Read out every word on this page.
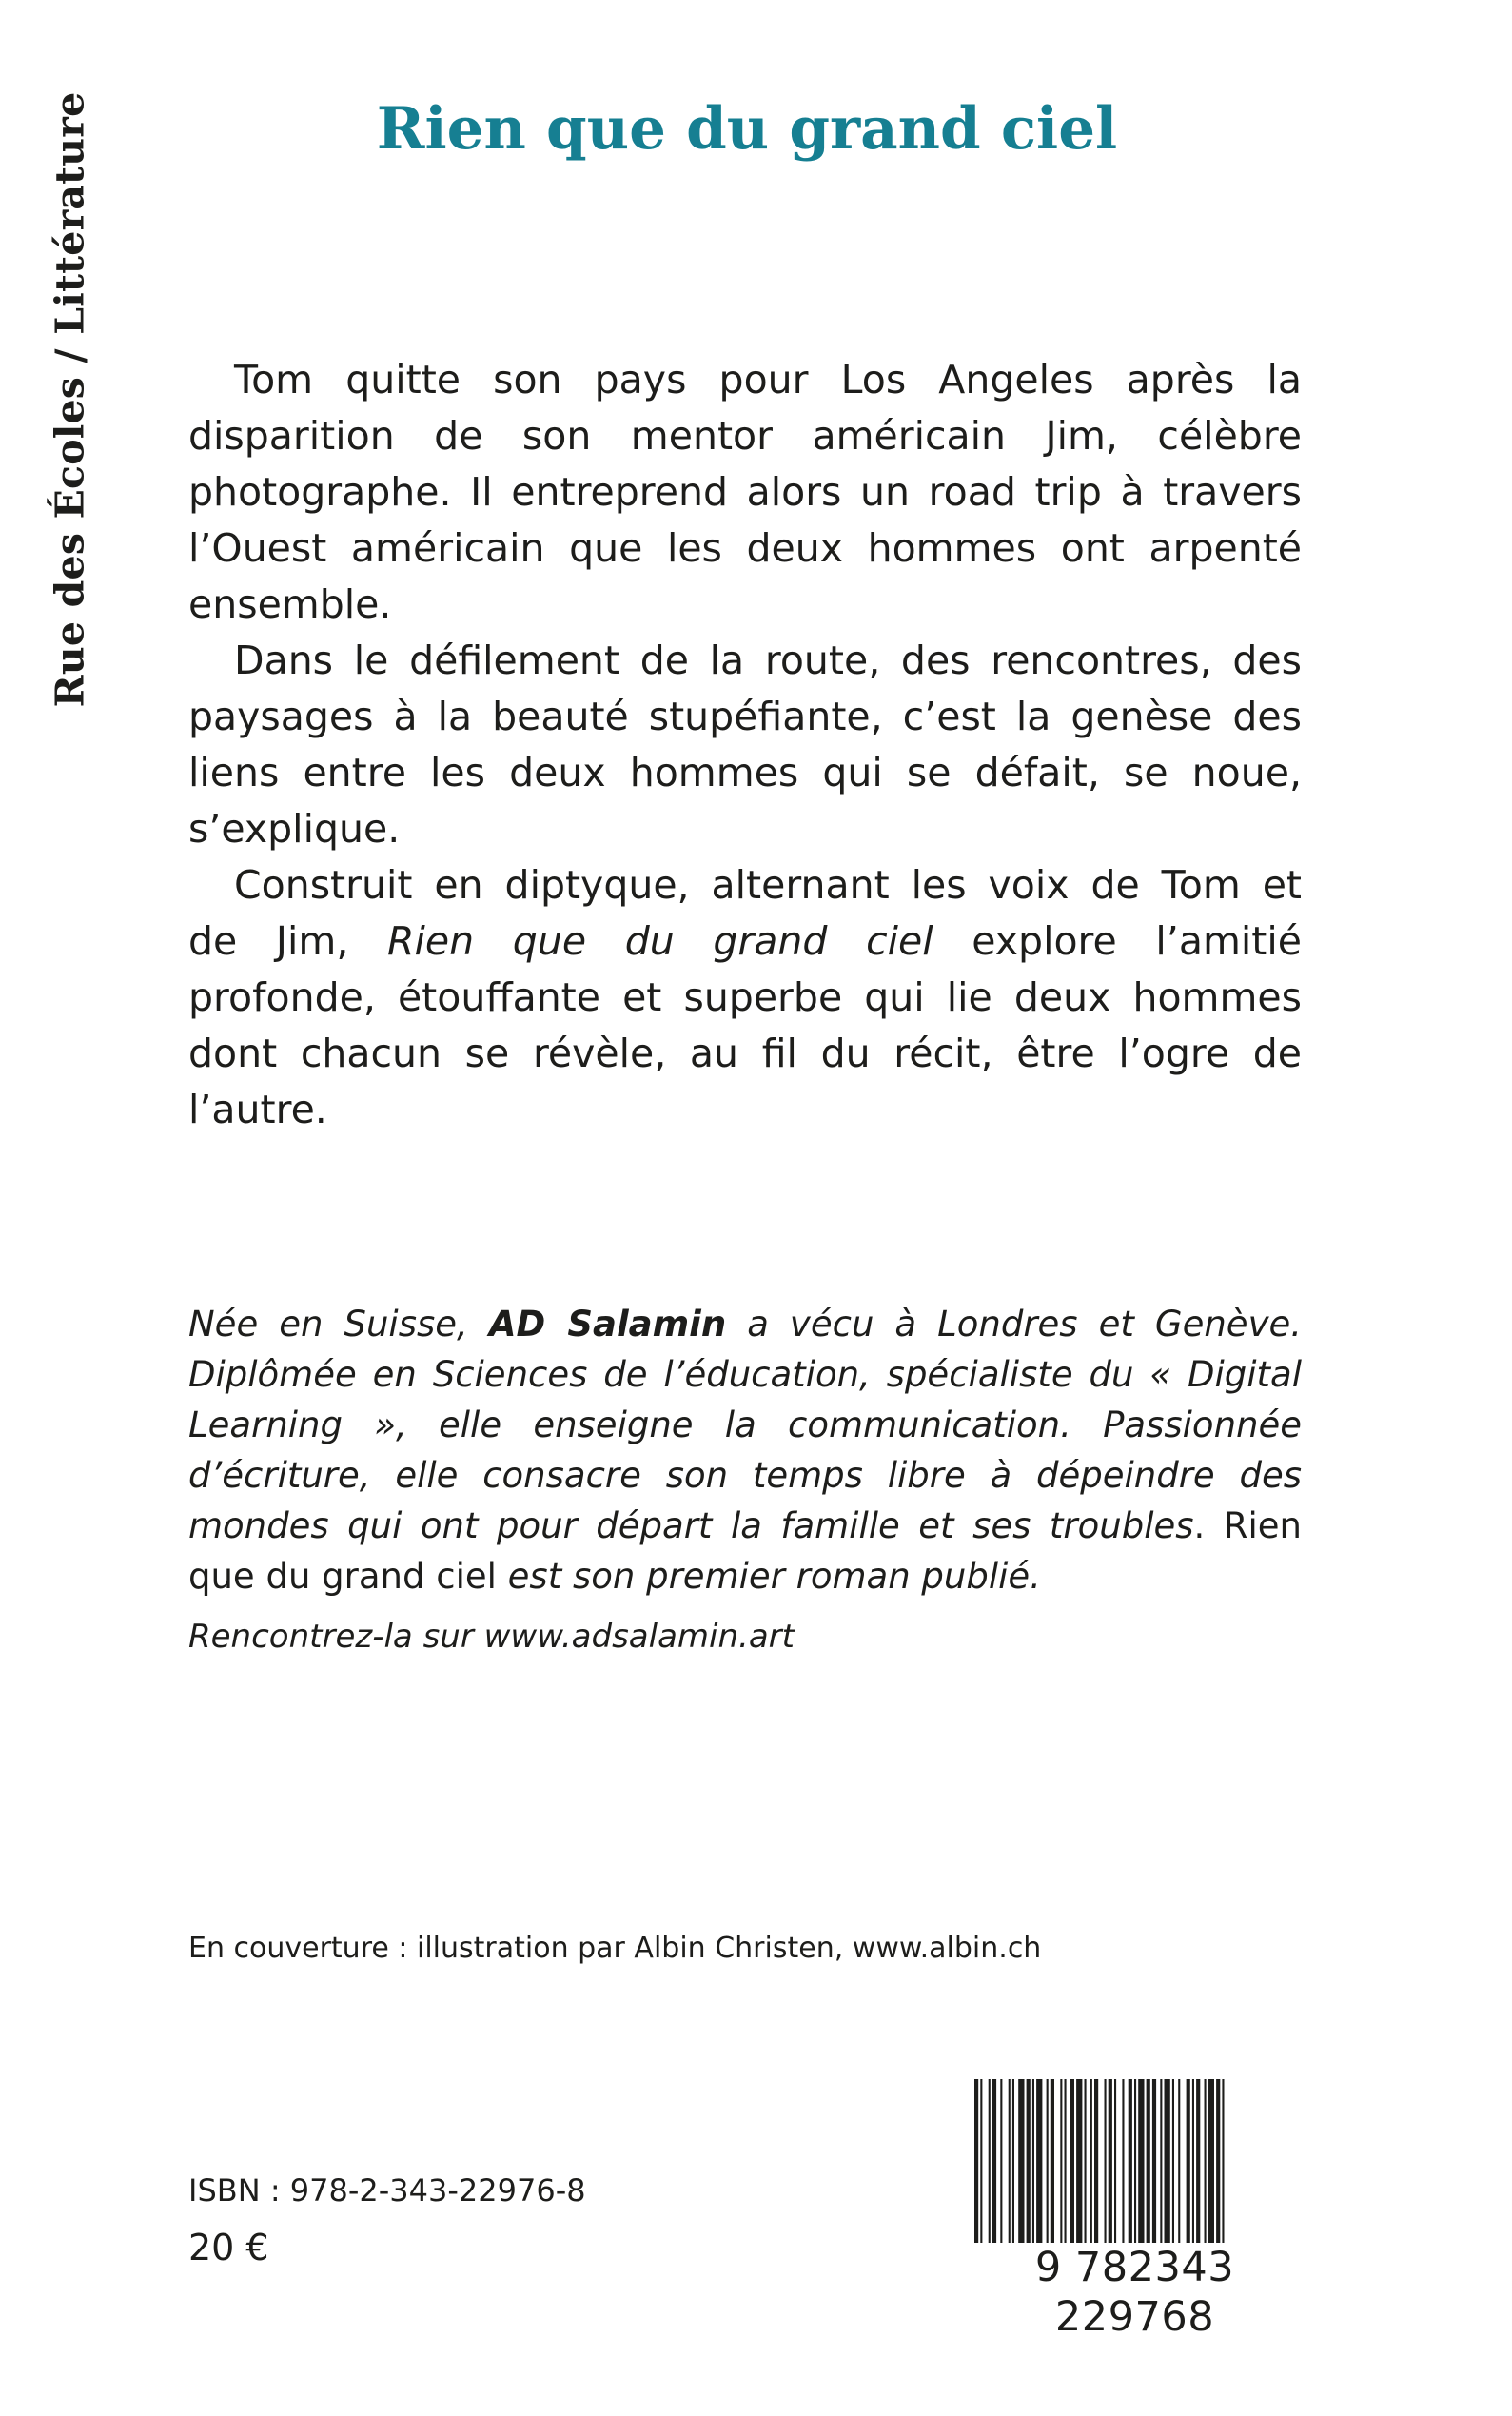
Rue des Écoles / Littérature	Rien que du grand ciel

Tom quitte son pays pour Los Angeles après la disparition de son mentor américain Jim, célèbre photographe. Il entreprend alors un road trip à travers l’Ouest américain que les deux hommes ont arpenté ensemble.

Dans le défilement de la route, des rencontres, des paysages à la beauté stupéfiante, c’est la genèse des liens entre les deux hommes qui se défait, se noue, s’explique.

Construit en diptyque, alternant les voix de Tom et de Jim, Rien que du grand ciel explore l’amitié profonde, étouffante et superbe qui lie deux hommes dont chacun se révèle, au fil du récit, être l’ogre de l’autre.

Née en Suisse, AD Salamin a vécu à Londres et Genève. Diplômée en Sciences de l’éducation, spécialiste du « Digital Learning », elle enseigne la communication. Passionnée d’écriture, elle consacre son temps libre à dépeindre des mondes qui ont pour départ la famille et ses troubles. Rien que du grand ciel est son premier roman publié.

Rencontrez-la sur www.adsalamin.art

En couverture : illustration par Albin Christen, www.albin.ch

ISBN : 978-2-343-22976-8

20 €	9 782343 229768
